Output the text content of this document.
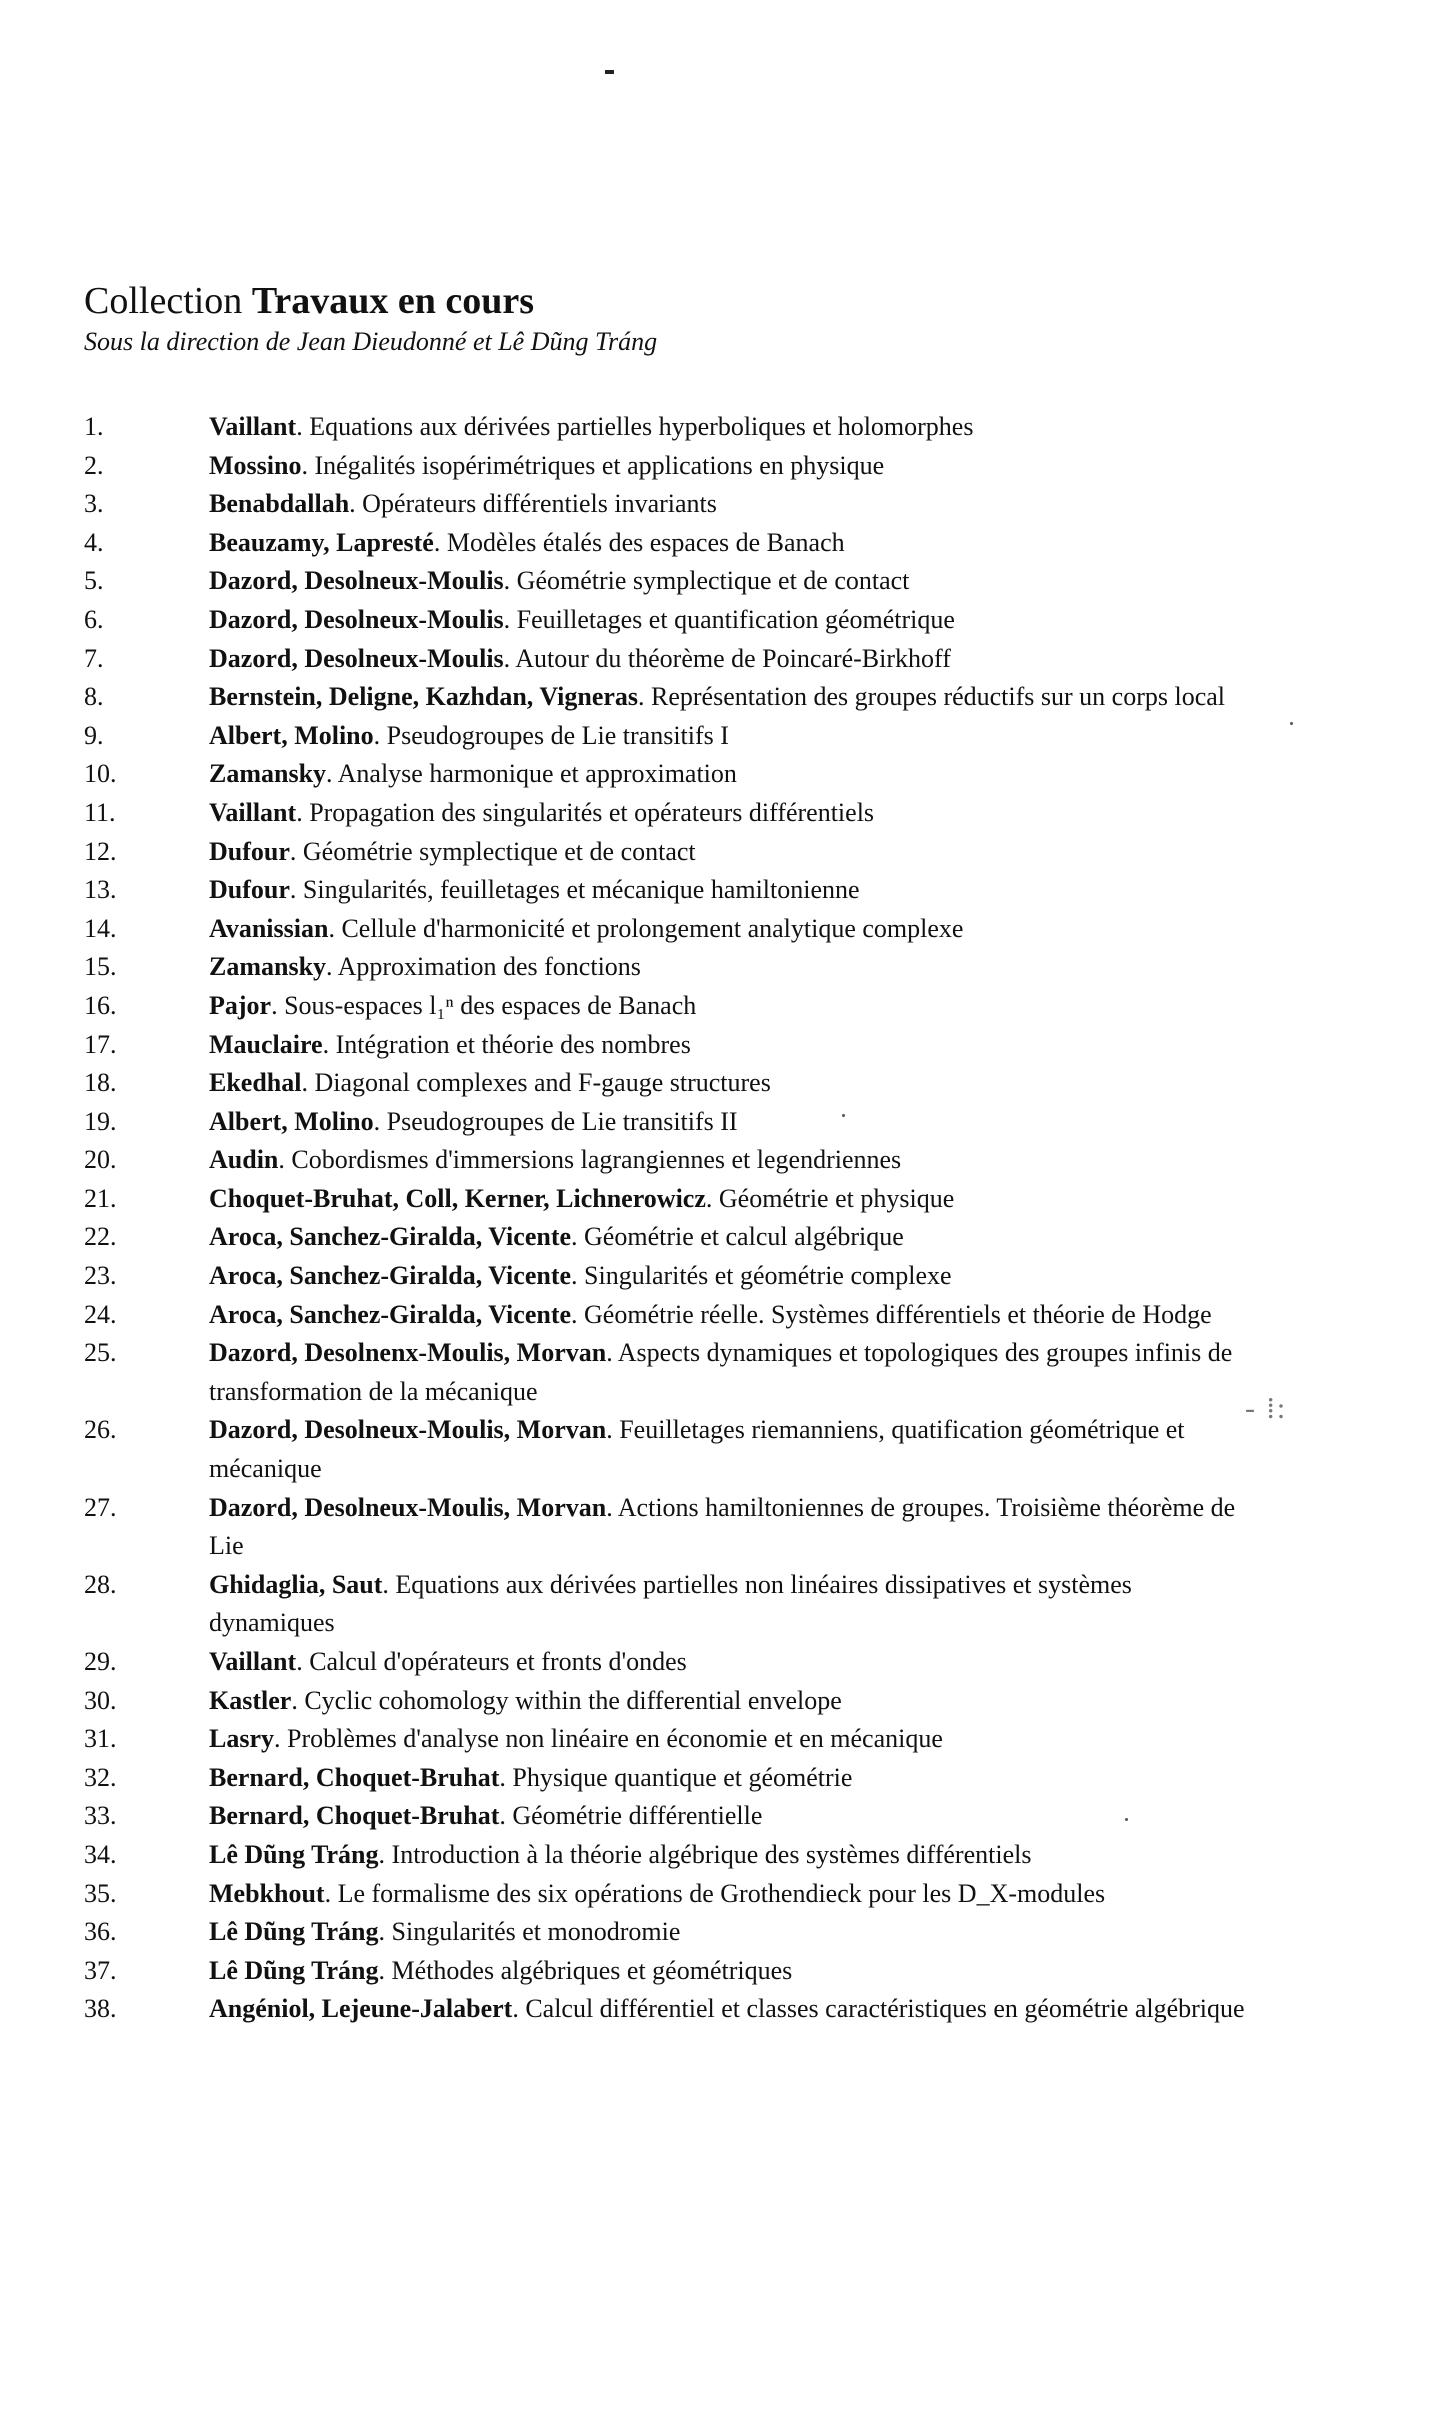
- ⁞:
Collection Travaux en cours
Sous la direction de Jean Dieudonné et Lê Dũng Tráng
1.	Vaillant. Equations aux dérivées partielles hyperboliques et holomorphes
2.	Mossino. Inégalités isopérimétriques et applications en physique
3.	Benabdallah. Opérateurs différentiels invariants
4.	Beauzamy, Lapresté. Modèles étalés des espaces de Banach
5.	Dazord, Desolneux-Moulis. Géométrie symplectique et de contact
6.	Dazord, Desolneux-Moulis. Feuilletages et quantification géométrique
7.	Dazord, Desolneux-Moulis. Autour du théorème de Poincaré-Birkhoff
8.	Bernstein, Deligne, Kazhdan, Vigneras. Représentation des groupes réductifs sur un corps local
9.	Albert, Molino. Pseudogroupes de Lie transitifs I
10.	Zamansky. Analyse harmonique et approximation
11.	Vaillant. Propagation des singularités et opérateurs différentiels
12.	Dufour. Géométrie symplectique et de contact
13.	Dufour. Singularités, feuilletages et mécanique hamiltonienne
14.	Avanissian. Cellule d'harmonicité et prolongement analytique complexe
15.	Zamansky. Approximation des fonctions
16.	Pajor. Sous-espaces l₁ⁿ des espaces de Banach
17.	Mauclaire. Intégration et théorie des nombres
18.	Ekedhal. Diagonal complexes and F-gauge structures
19.	Albert, Molino. Pseudogroupes de Lie transitifs II
20.	Audin. Cobordismes d'immersions lagrangiennes et legendriennes
21.	Choquet-Bruhat, Coll, Kerner, Lichnerowicz. Géométrie et physique
22.	Aroca, Sanchez-Giralda, Vicente. Géométrie et calcul algébrique
23.	Aroca, Sanchez-Giralda, Vicente. Singularités et géométrie complexe
24.	Aroca, Sanchez-Giralda, Vicente. Géométrie réelle. Systèmes différentiels et théorie de Hodge
25.	Dazord, Desolnenx-Moulis, Morvan. Aspects dynamiques et topologiques des groupes infinis de transformation de la mécanique
26.	Dazord, Desolneux-Moulis, Morvan. Feuilletages riemanniens, quatification géométrique et mécanique
27.	Dazord, Desolneux-Moulis, Morvan. Actions hamiltoniennes de groupes. Troisième théorème de Lie
28.	Ghidaglia, Saut. Equations aux dérivées partielles non linéaires dissipatives et systèmes dynamiques
29.	Vaillant. Calcul d'opérateurs et fronts d'ondes
30.	Kastler. Cyclic cohomology within the differential envelope
31.	Lasry. Problèmes d'analyse non linéaire en économie et en mécanique
32.	Bernard, Choquet-Bruhat. Physique quantique et géométrie
33.	Bernard, Choquet-Bruhat. Géométrie différentielle
34.	Lê Dũng Tráng. Introduction à la théorie algébrique des systèmes différentiels
35.	Mebkhout. Le formalisme des six opérations de Grothendieck pour les D_X-modules
36.	Lê Dũng Tráng. Singularités et monodromie
37.	Lê Dũng Tráng. Méthodes algébriques et géométriques
38.	Angéniol, Lejeune-Jalabert. Calcul différentiel et classes caractéristiques en géométrie algébrique
